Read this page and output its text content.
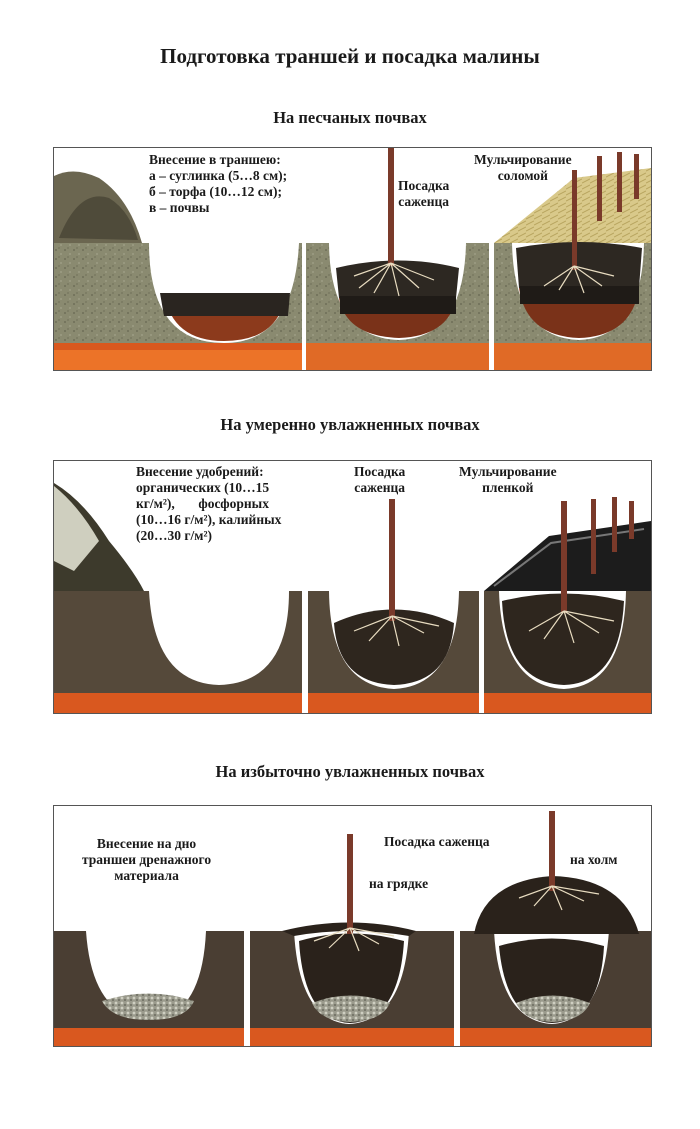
Подготовка траншей и посадка малины
На песчаных почвах
Внесение в траншею:
а – суглинка (5…8 см);
б – торфа (10…12 см);
в – почвы
Посадка
саженца
Мульчирование
соломой
На умеренно увлажненных почвах
Внесение удобрений:
органических (10…15
кг/м²),       фосфорных
(10…16 г/м²), калийных
(20…30 г/м²)
Посадка
саженца
Мульчирование
пленкой
На избыточно увлажненных почвах
Внесение на дно
траншеи дренажного
материала
Посадка саженца
на грядке
на холм
